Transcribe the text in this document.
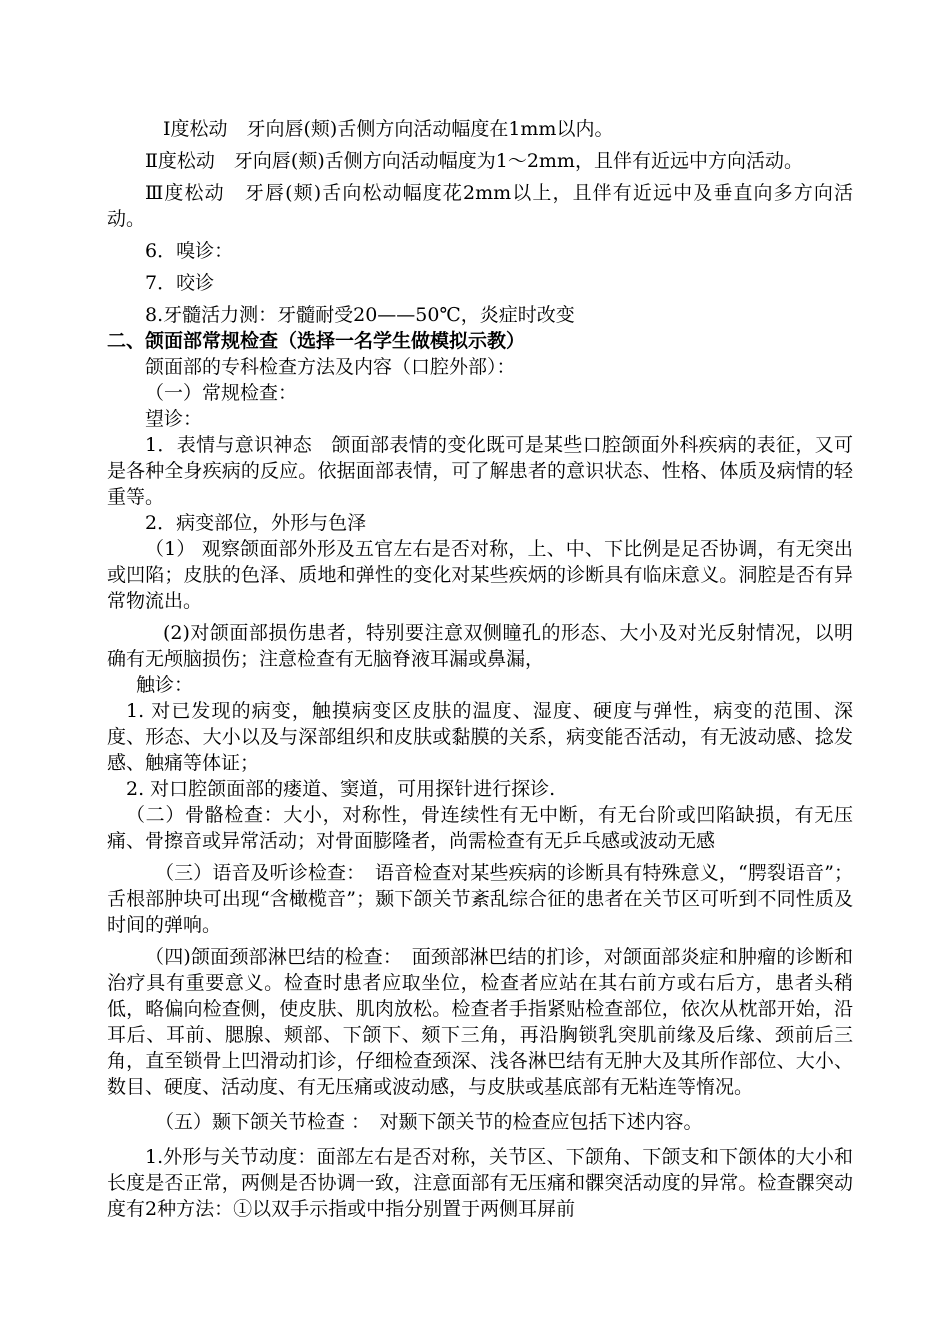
Ⅰ度松动　牙向唇(颊)舌侧方向活动幅度在1mm以内。

Ⅱ度松动　牙向唇(颊)舌侧方向活动幅度为1～2mm，且伴有近远中方向活动。

Ⅲ度松动　牙唇(颊)舌向松动幅度花2mm以上，且伴有近远中及垂直向多方向活动。

6．嗅诊：

7．咬诊

8.牙髓活力测：牙髓耐受20——50℃，炎症时改变

二、颌面部常规检查（选择一名学生做模拟示教）

颌面部的专科检查方法及内容（口腔外部）：

（一）常规检查：

望诊：

1．表情与意识神态　颌面部表情的变化既可是某些口腔颌面外科疾病的表征，又可是各种全身疾病的反应。依据面部表情，可了解患者的意识状态、性格、体质及病情的轻重等。

2．病变部位，外形与色泽

（1） 观察颌面部外形及五官左右是否对称，上、中、下比例是足否协调，有无突出或凹陷；皮肤的色泽、质地和弹性的变化对某些疾炳的诊断具有临床意义。洞腔是否有异常物流出。

(2)对颌面部损伤患者，特别要注意双侧瞳孔的形态、大小及对光反射情况，以明确有无颅脑损伤；注意检查有无脑脊液耳漏或鼻漏，

触诊：

1. 对已发现的病变，触摸病变区皮肤的温度、湿度、硬度与弹性，病变的范围、深度、形态、大小以及与深部组织和皮肤或黏膜的关系，病变能否活动，有无波动感、捻发感、触痛等体证；

2. 对口腔颌面部的瘘道、窦道，可用探针进行探诊.

（二）骨骼检查：大小，对称性，骨连续性有无中断，有无台阶或凹陷缺损，有无压痛、骨擦音或异常活动；对骨面膨隆者，尚需检查有无乒乓感或波动无感

（三）语音及听诊检查：　语音检查对某些疾病的诊断具有特殊意义，“腭裂语音”；舌根部肿块可出现“含橄榄音”；颞下颌关节紊乱综合征的患者在关节区可听到不同性质及时间的弹响。

（四)颌面颈部淋巴结的检查：　面颈部淋巴结的扪诊，对颌面部炎症和肿瘤的诊断和治疗具有重要意义。检查时患者应取坐位，检查者应站在其右前方或右后方，患者头稍低，略偏向检查侧，使皮肤、肌肉放松。检查者手指紧贴检查部位，依次从枕部开始，沿耳后、耳前、腮腺、颊部、下颌下、颏下三角，再沿胸锁乳突肌前缘及后缘、颈前后三角，直至锁骨上凹滑动扪诊，仔细检查颈深、浅各淋巴结有无肿大及其所作部位、大小、数目、硬度、活动度、有无压痛或波动感，与皮肤或基底部有无粘连等惰况。

（五）颞下颌关节检查 ：　对颞下颌关节的检查应包括下述内容。

1.外形与关节动度：面部左右是否对称，关节区、下颌角、下颌支和下颌体的大小和长度是否正常，两侧是否协调一致，注意面部有无压痛和髁突活动度的异常。检查髁突动度有2种方法：①以双手示指或中指分别置于两侧耳屏前
